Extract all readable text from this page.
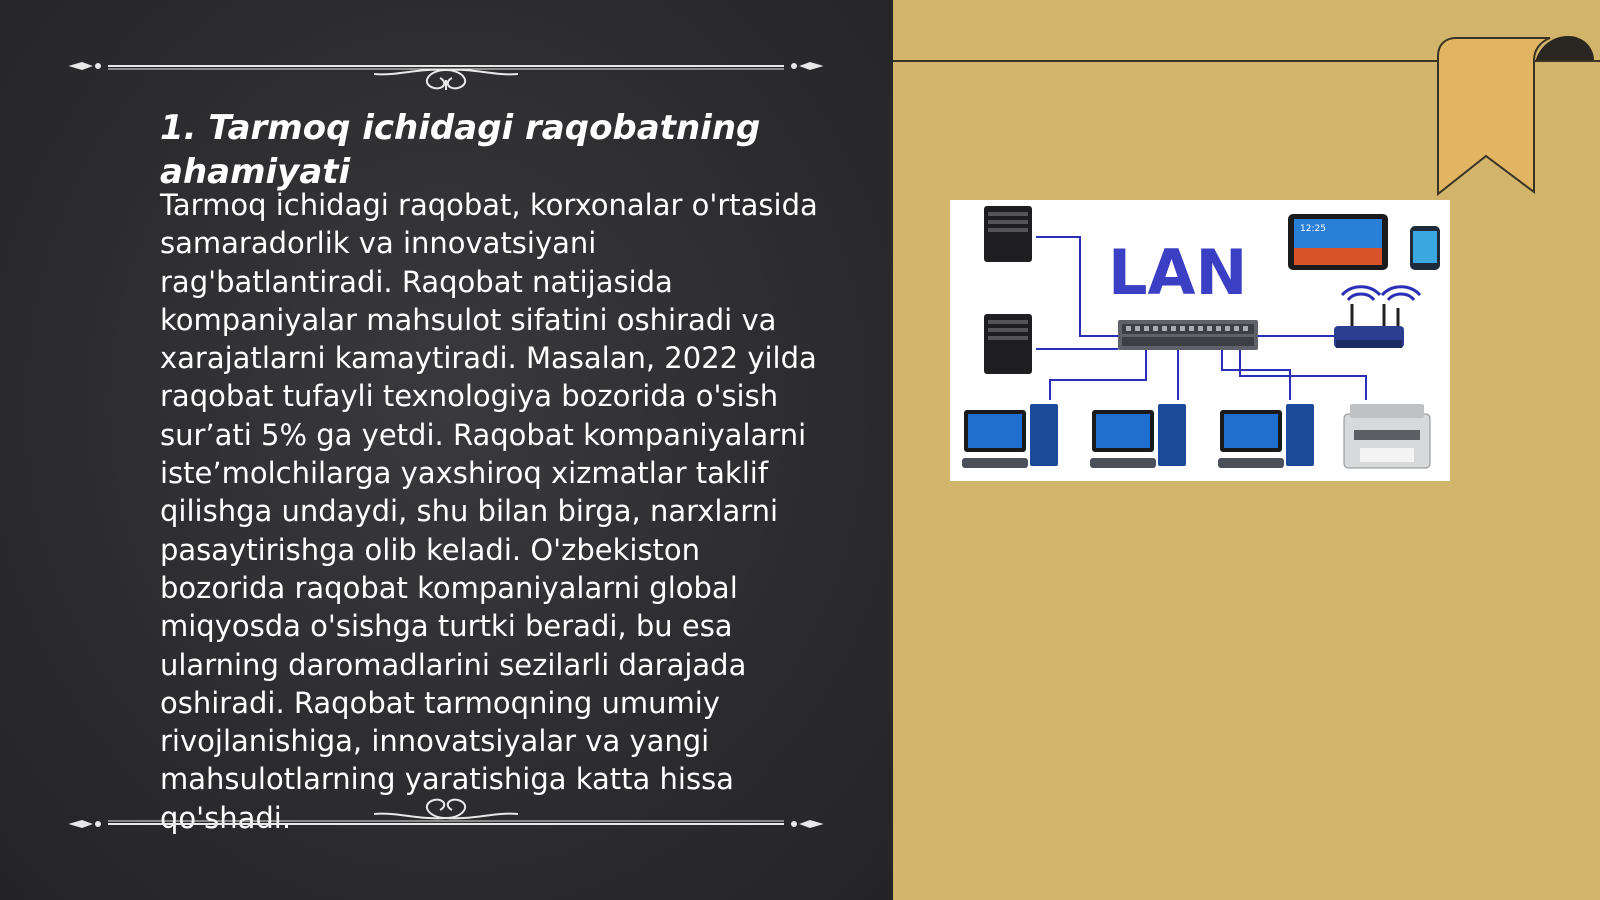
1. Tarmoq ichidagi raqobatning ahamiyati

Tarmoq ichidagi raqobat, korxonalar o'rtasida samaradorlik va innovatsiyani rag'batlantiradi. Raqobat natijasida kompaniyalar mahsulot sifatini oshiradi va xarajatlarni kamaytiradi. Masalan, 2022 yilda raqobat tufayli texnologiya bozorida o'sish sur’ati 5% ga yetdi. Raqobat kompaniyalarni iste’molchilarga yaxshiroq xizmatlar taklif qilishga undaydi, shu bilan birga, narxlarni pasaytirishga olib keladi. O'zbekiston bozorida raqobat kompaniyalarni global miqyosda o'sishga turtki beradi, bu esa ularning daromadlarini sezilarli darajada oshiradi. Raqobat tarmoqning umumiy rivojlanishiga, innovatsiyalar va yangi mahsulotlarning yaratishiga katta hissa qo'shadi.

LAN
12:25
